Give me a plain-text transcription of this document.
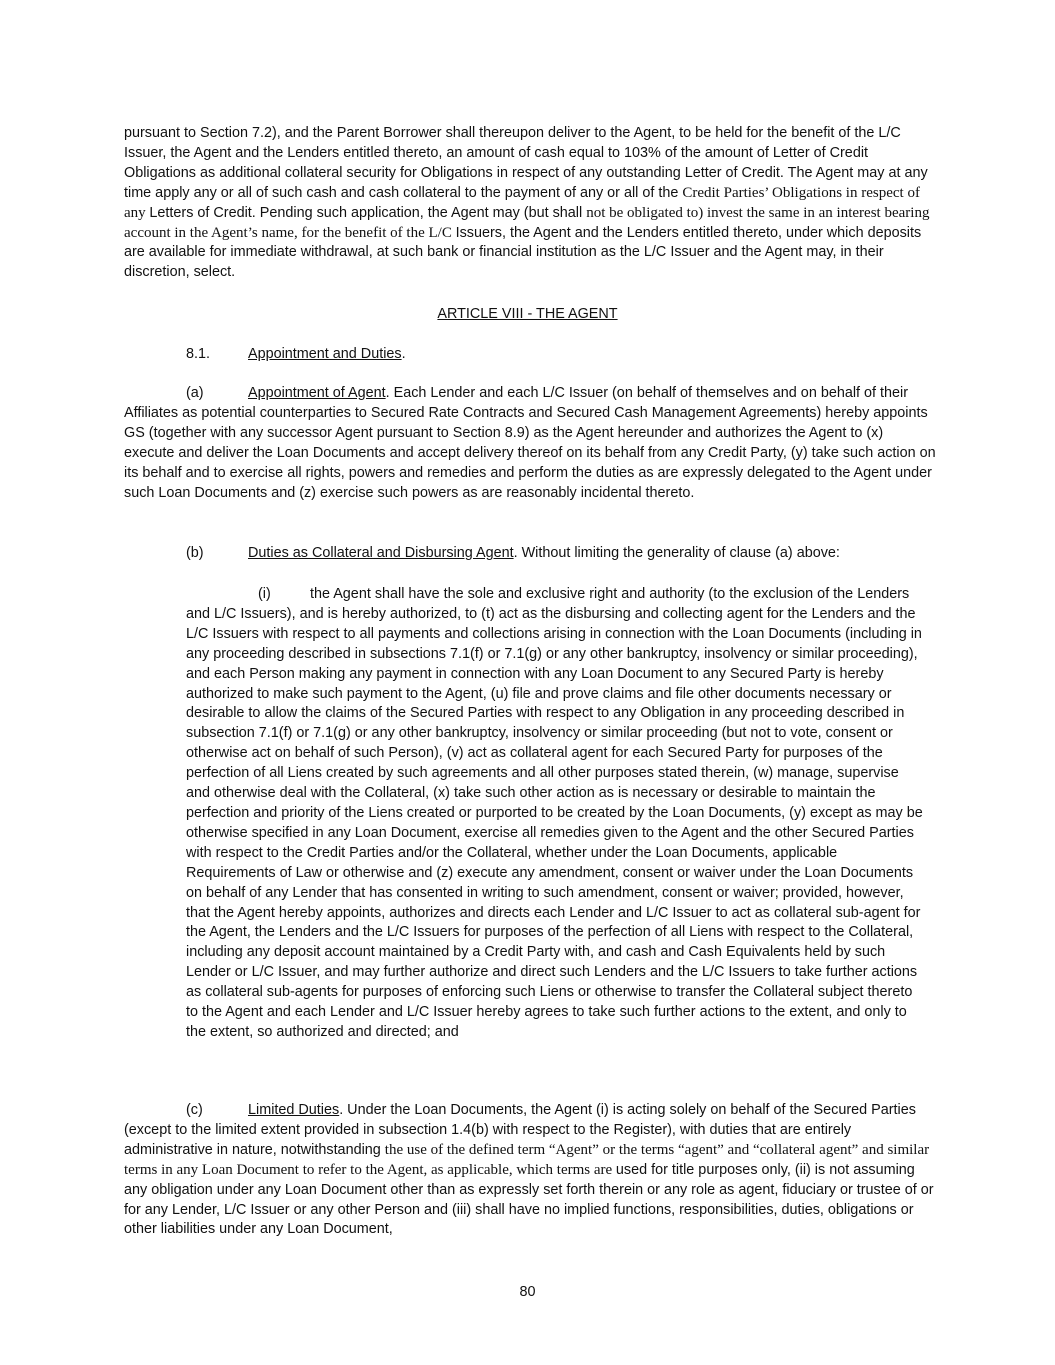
pursuant to Section 7.2), and the Parent Borrower shall thereupon deliver to the Agent, to be held for the benefit of the L/C Issuer, the Agent and the Lenders entitled thereto, an amount of cash equal to 103% of the amount of Letter of Credit Obligations as additional collateral security for Obligations in respect of any outstanding Letter of Credit. The Agent may at any time apply any or all of such cash and cash collateral to the payment of any or all of the Credit Parties’ Obligations in respect of any Letters of Credit. Pending such application, the Agent may (but shall not be obligated to) invest the same in an interest bearing account in the Agent’s name, for the benefit of the L/C Issuers, the Agent and the Lenders entitled thereto, under which deposits are available for immediate withdrawal, at such bank or financial institution as the L/C Issuer and the Agent may, in their discretion, select.

ARTICLE VIII - THE AGENT

8.1.	Appointment and Duties.

(a)	Appointment of Agent. Each Lender and each L/C Issuer (on behalf of themselves and on behalf of their Affiliates as potential counterparties to Secured Rate Contracts and Secured Cash Management Agreements) hereby appoints GS (together with any successor Agent pursuant to Section 8.9) as the Agent hereunder and authorizes the Agent to (x) execute and deliver the Loan Documents and accept delivery thereof on its behalf from any Credit Party, (y) take such action on its behalf and to exercise all rights, powers and remedies and perform the duties as are expressly delegated to the Agent under such Loan Documents and (z) exercise such powers as are reasonably incidental thereto.

(b)	Duties as Collateral and Disbursing Agent. Without limiting the generality of clause (a) above:

(i)	the Agent shall have the sole and exclusive right and authority (to the exclusion of the Lenders and L/C Issuers), and is hereby authorized, to (t) act as the disbursing and collecting agent for the Lenders and the L/C Issuers with respect to all payments and collections arising in connection with the Loan Documents (including in any proceeding described in subsections 7.1(f) or 7.1(g) or any other bankruptcy, insolvency or similar proceeding), and each Person making any payment in connection with any Loan Document to any Secured Party is hereby authorized to make such payment to the Agent, (u) file and prove claims and file other documents necessary or desirable to allow the claims of the Secured Parties with respect to any Obligation in any proceeding described in subsection 7.1(f) or 7.1(g) or any other bankruptcy, insolvency or similar proceeding (but not to vote, consent or otherwise act on behalf of such Person), (v) act as collateral agent for each Secured Party for purposes of the perfection of all Liens created by such agreements and all other purposes stated therein, (w) manage, supervise and otherwise deal with the Collateral, (x) take such other action as is necessary or desirable to maintain the perfection and priority of the Liens created or purported to be created by the Loan Documents, (y) except as may be otherwise specified in any Loan Document, exercise all remedies given to the Agent and the other Secured Parties with respect to the Credit Parties and/or the Collateral, whether under the Loan Documents, applicable Requirements of Law or otherwise and (z) execute any amendment, consent or waiver under the Loan Documents on behalf of any Lender that has consented in writing to such amendment, consent or waiver; provided, however, that the Agent hereby appoints, authorizes and directs each Lender and L/C Issuer to act as collateral sub-agent for the Agent, the Lenders and the L/C Issuers for purposes of the perfection of all Liens with respect to the Collateral, including any deposit account maintained by a Credit Party with, and cash and Cash Equivalents held by such Lender or L/C Issuer, and may further authorize and direct such Lenders and the L/C Issuers to take further actions as collateral sub-agents for purposes of enforcing such Liens or otherwise to transfer the Collateral subject thereto to the Agent and each Lender and L/C Issuer hereby agrees to take such further actions to the extent, and only to the extent, so authorized and directed; and

(c)	Limited Duties. Under the Loan Documents, the Agent (i) is acting solely on behalf of the Secured Parties (except to the limited extent provided in subsection 1.4(b) with respect to the Register), with duties that are entirely administrative in nature, notwithstanding the use of the defined term “Agent” or the terms “agent” and “collateral agent” and similar terms in any Loan Document to refer to the Agent, as applicable, which terms are used for title purposes only, (ii) is not assuming any obligation under any Loan Document other than as expressly set forth therein or any role as agent, fiduciary or trustee of or for any Lender, L/C Issuer or any other Person and (iii) shall have no implied functions, responsibilities, duties, obligations or other liabilities under any Loan Document,

80
